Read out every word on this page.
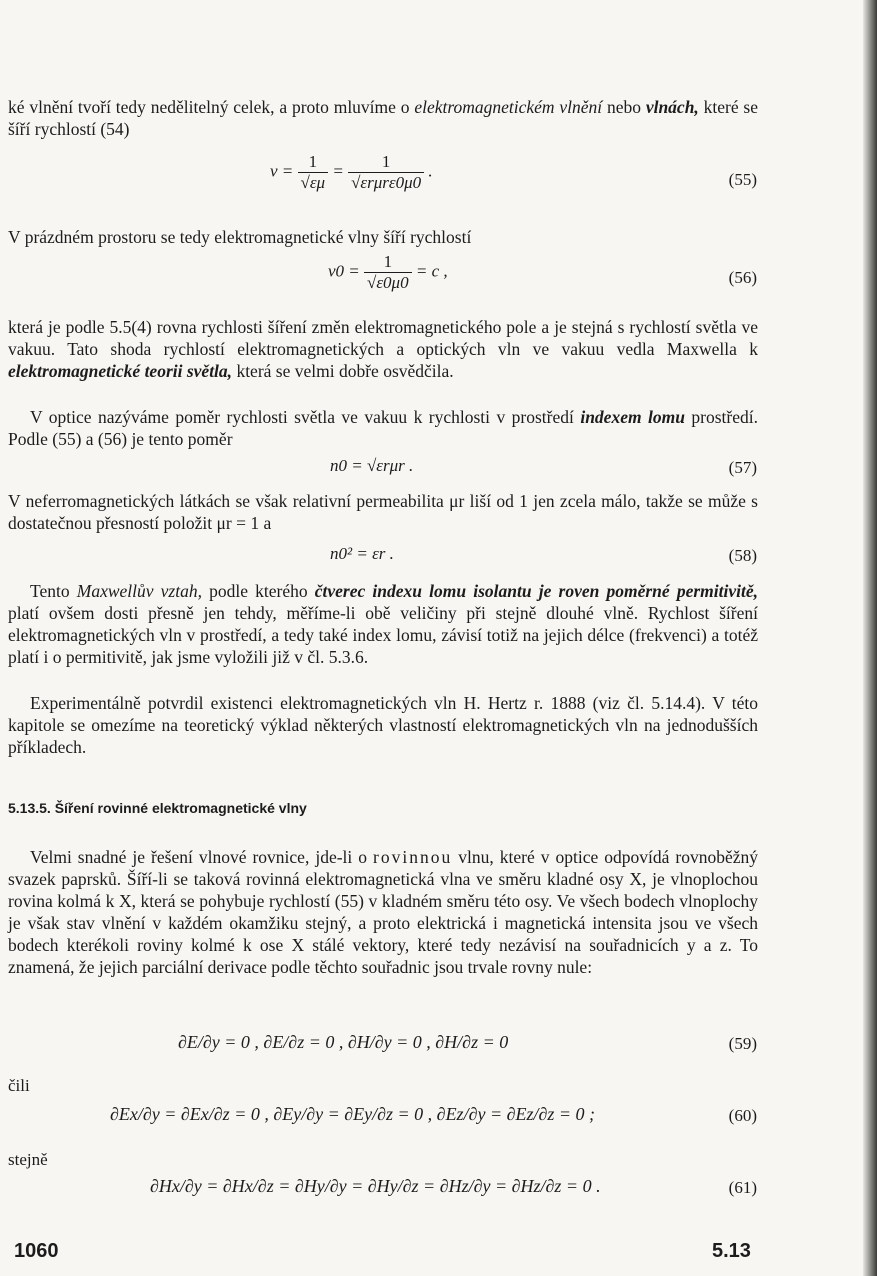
ké vlnění tvoří tedy nedělitelný celek, a proto mluvíme o elektromagnetickém vlnění nebo vlnách, které se šíří rychlostí (54)
$v = \frac{1}{√\varepsilon\mu} = \frac{1}{\text{√εrμrε0μ0}}$ .	(55)
V prázdném prostoru se tedy elektromagnetické vlny šíří rychlostí
$v0 = \frac{1}{√\varepsilon 0\mu 0} = c$ ,	(56)
která je podle 5.5(4) rovna rychlosti šíření změn elektromagnetického pole a je stejná s rychlostí světla ve vakuu. Tato shoda rychlostí elektromagnetických a optických vln ve vakuu vedla Maxwella k elektromagnetické teorii světla, která se velmi dobře osvědčila.
V optice nazýváme poměr rychlosti světla ve vakuu k rychlosti v prostředí indexem lomu prostředí. Podle (55) a (56) je tento poměr
n0 = √εrμr .	(57)
V neferromagnetických látkách se však relativní permeabilita μr liší od 1 jen zcela málo, takže se může s dostatečnou přesností položit μr = 1 a
n0² = εr .	(58)
Tento Maxwellův vztah, podle kterého čtverec indexu lomu isolantu je roven poměrné permitivitě, platí ovšem dosti přesně jen tehdy, měříme-li obě veličiny při stejně dlouhé vlně. Rychlost šíření elektromagnetických vln v prostředí, a tedy také index lomu, závisí totiž na jejich délce (frekvenci) a totéž platí i o permitivitě, jak jsme vyložili již v čl. 5.3.6.
Experimentálně potvrdil existenci elektromagnetických vln H. Hertz r. 1888 (viz čl. 5.14.4). V této kapitole se omezíme na teoretický výklad některých vlastností elektromagnetických vln na jednodušších příkladech.
5.13.5. Šíření rovinné elektromagnetické vlny
Velmi snadné je řešení vlnové rovnice, jde-li o rovinnou vlnu, které v optice odpovídá rovnoběžný svazek paprsků. Šíří-li se taková rovinná elektromagnetická vlna ve směru kladné osy X, je vlnoplochou rovina kolmá k X, která se pohybuje rychlostí (55) v kladném směru této osy. Ve všech bodech vlnoplochy je však stav vlnění v každém okamžiku stejný, a proto elektrická i magnetická intensita jsou ve všech bodech kterékoli roviny kolmé k ose X stálé vektory, které tedy nezávisí na souřadnicích y a z. To znamená, že jejich parciální derivace podle těchto souřadnic jsou trvale rovny nule:
∂E/∂y = 0 , ∂E/∂z = 0 , ∂H/∂y = 0 , ∂H/∂z = 0	(59)
čili
∂Ex/∂y = ∂Ex/∂z = 0 , ∂Ey/∂y = ∂Ey/∂z = 0 , ∂Ez/∂y = ∂Ez/∂z = 0 ;	(60)
stejně
∂Hx/∂y = ∂Hx/∂z = ∂Hy/∂y = ∂Hy/∂z = ∂Hz/∂y = ∂Hz/∂z = 0 .	(61)
1060	5.13
